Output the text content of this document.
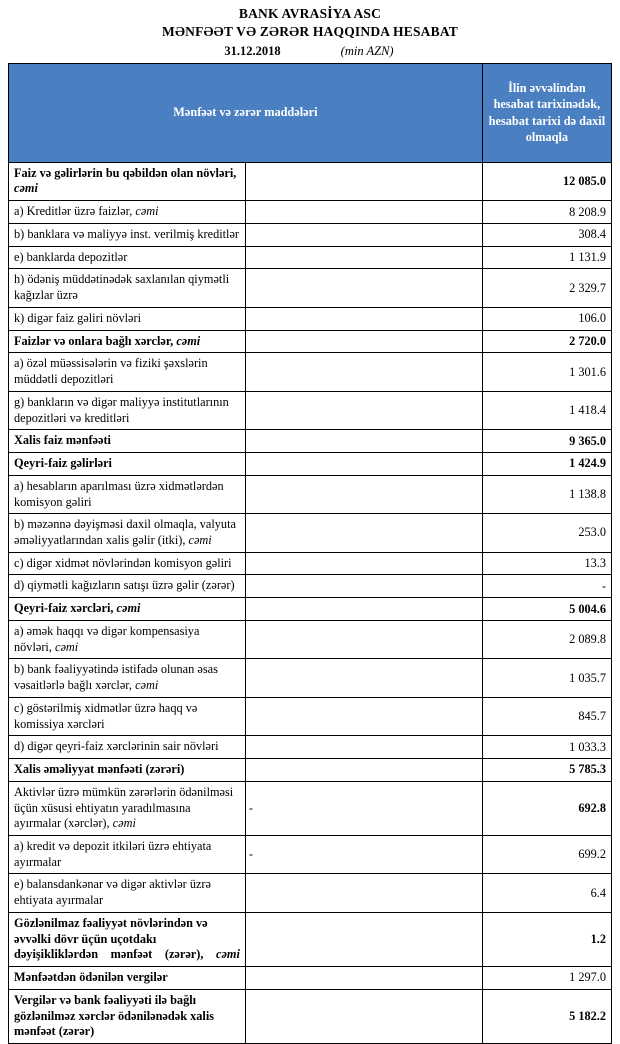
BANK AVRASİYA ASC
MƏNFƏƏT VƏ ZƏRƏR HAQQINDA HESABAT
31.12.2018	(min AZN)
Mənfəət və zərər maddələri		İlin əvvəlindən hesabat tarixinədək, hesabat tarixi də daxil olmaqla
Faiz və gəlirlərin bu qəbildən olan növləri, cəmi		12 085.0
a) Kreditlər üzrə faizlər, cəmi		8 208.9
b) banklara və maliyyə inst. verilmiş kreditlər		308.4
e) banklarda depozitlər		1 131.9
h) ödəniş müddətinədək saxlanılan qiymətli kağızlar üzrə		2 329.7
k) digər faiz gəliri növləri		106.0
Faizlər və onlara bağlı xərclər, cəmi		2 720.0
a) özəl müəssisələrin və fiziki şəxslərin müddətli depozitləri		1 301.6
g) bankların və digər maliyyə institutlarının depozitləri və kreditləri		1 418.4
Xalis faiz mənfəəti		9 365.0
Qeyri-faiz gəlirləri		1 424.9
a) hesabların aparılması üzrə xidmətlərdən komisyon gəliri		1 138.8
b) məzənnə dəyişməsi daxil olmaqla, valyuta əməliyyatlarından xalis gəlir (itki), cəmi		253.0
c) digər xidmət növlərindən komisyon gəliri		13.3
d) qiymətli kağızların satışı üzrə gəlir (zərər)		-
Qeyri-faiz xərcləri, cəmi		5 004.6
a) əmək haqqı və digər kompensasiya növləri, cəmi		2 089.8
b) bank fəaliyyətində istifadə olunan əsas vəsaitlərlə bağlı xərclər, cəmi		1 035.7
c) göstərilmiş xidmətlər üzrə haqq və komissiya xərcləri		845.7
d) digər qeyri-faiz xərclərinin sair növləri		1 033.3
Xalis əməliyyat mənfəəti (zərəri)		5 785.3
Aktivlər üzrə mümkün zərərlərin ödənilməsi üçün xüsusi ehtiyatın yaradılmasına ayırmalar (xərclər), cəmi	-	692.8
a) kredit və depozit itkiləri üzrə ehtiyata ayırmalar	-	699.2
e) balansdankənar və digər aktivlər üzrə ehtiyata ayırmalar		6.4
Gözlənilmaz fəaliyyət növlərindən və əvvəlki dövr üçün uçotdakı dəyişikliklərdən mənfəət (zərər), cəmi		1.2
Mənfəətdən ödənilən vergilər		1 297.0
Vergilər və bank fəaliyyəti ilə bağlı gözlənilməz xərclər ödənilənədək xalis mənfəət (zərər)		5 182.2
